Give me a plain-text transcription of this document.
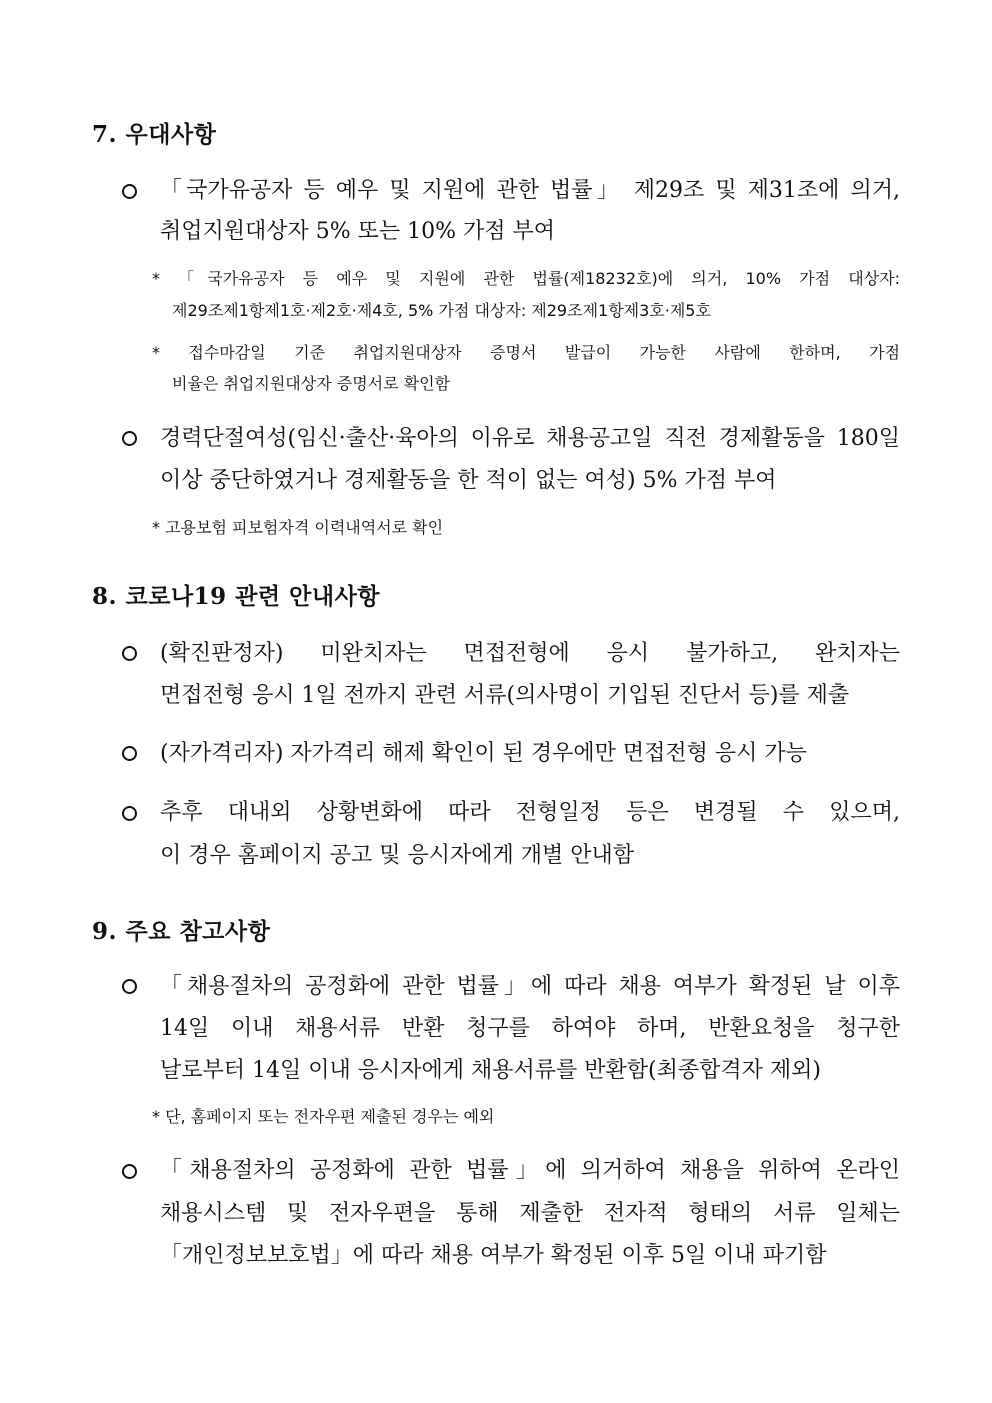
7. 우대사항
「국가유공자 등 예우 및 지원에 관한 법률」 제29조 및 제31조에 의거,
취업지원대상자 5% 또는 10% 가점 부여
* 「국가유공자 등 예우 및 지원에 관한 법률(제18232호)에 의거, 10% 가점 대상자:
제29조제1항제1호·제2호·제4호, 5% 가점 대상자: 제29조제1항제3호·제5호
* 접수마감일 기준 취업지원대상자 증명서 발급이 가능한 사람에 한하며, 가점
비율은 취업지원대상자 증명서로 확인함
경력단절여성(임신·출산·육아의 이유로 채용공고일 직전 경제활동을 180일
이상 중단하였거나 경제활동을 한 적이 없는 여성) 5% 가점 부여
* 고용보험 피보험자격 이력내역서로 확인
8. 코로나19 관련 안내사항
(확진판정자) 미완치자는 면접전형에 응시 불가하고, 완치자는
면접전형 응시 1일 전까지 관련 서류(의사명이 기입된 진단서 등)를 제출
(자가격리자) 자가격리 해제 확인이 된 경우에만 면접전형 응시 가능
추후 대내외 상황변화에 따라 전형일정 등은 변경될 수 있으며,
이 경우 홈페이지 공고 및 응시자에게 개별 안내함
9. 주요 참고사항
「채용절차의 공정화에 관한 법률」에 따라 채용 여부가 확정된 날 이후
14일 이내 채용서류 반환 청구를 하여야 하며, 반환요청을 청구한
날로부터 14일 이내 응시자에게 채용서류를 반환함(최종합격자 제외)
* 단, 홈페이지 또는 전자우편 제출된 경우는 예외
「채용절차의 공정화에 관한 법률」에 의거하여 채용을 위하여 온라인
채용시스템 및 전자우편을 통해 제출한 전자적 형태의 서류 일체는
「개인정보보호법」에 따라 채용 여부가 확정된 이후 5일 이내 파기함
